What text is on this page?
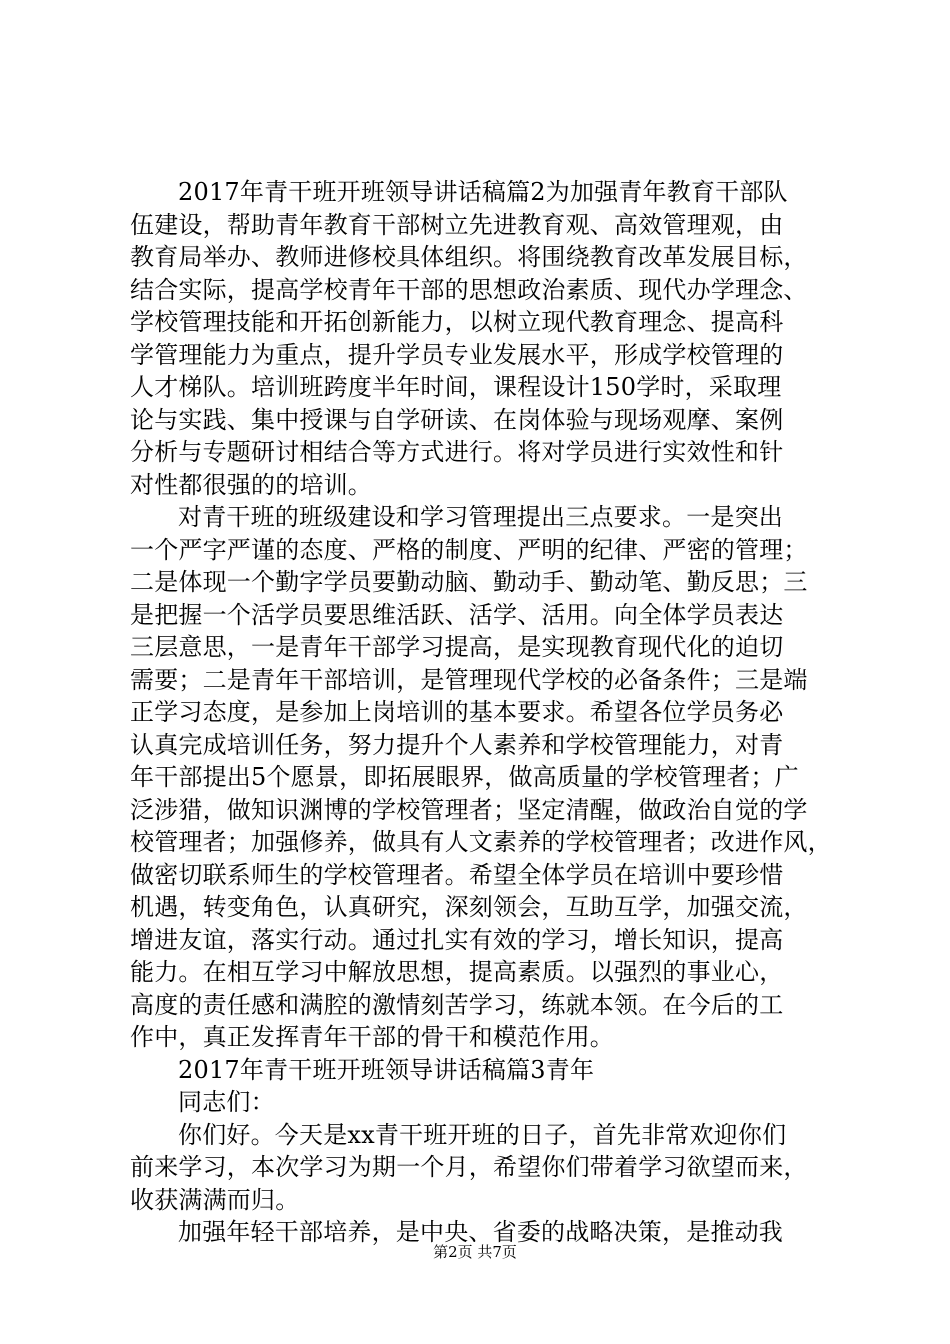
2017年青干班开班领导讲话稿篇2为加强青年教育干部队
伍建设，帮助青年教育干部树立先进教育观、高效管理观，由
教育局举办、教师进修校具体组织。将围绕教育改革发展目标，
结合实际，提高学校青年干部的思想政治素质、现代办学理念、
学校管理技能和开拓创新能力，以树立现代教育理念、提高科
学管理能力为重点，提升学员专业发展水平，形成学校管理的
人才梯队。培训班跨度半年时间，课程设计150学时，采取理
论与实践、集中授课与自学研读、在岗体验与现场观摩、案例
分析与专题研讨相结合等方式进行。将对学员进行实效性和针
对性都很强的的培训。
对青干班的班级建设和学习管理提出三点要求。一是突出
一个严字严谨的态度、严格的制度、严明的纪律、严密的管理；
二是体现一个勤字学员要勤动脑、勤动手、勤动笔、勤反思；三
是把握一个活学员要思维活跃、活学、活用。向全体学员表达
三层意思，一是青年干部学习提高，是实现教育现代化的迫切
需要；二是青年干部培训，是管理现代学校的必备条件；三是端
正学习态度，是参加上岗培训的基本要求。希望各位学员务必
认真完成培训任务，努力提升个人素养和学校管理能力，对青
年干部提出5个愿景，即拓展眼界，做高质量的学校管理者；广
泛涉猎，做知识渊博的学校管理者；坚定清醒，做政治自觉的学
校管理者；加强修养，做具有人文素养的学校管理者；改进作风，
做密切联系师生的学校管理者。希望全体学员在培训中要珍惜
机遇，转变角色，认真研究，深刻领会，互助互学，加强交流，
增进友谊，落实行动。通过扎实有效的学习，增长知识，提高
能力。在相互学习中解放思想，提高素质。以强烈的事业心，
高度的责任感和满腔的激情刻苦学习，练就本领。在今后的工
作中，真正发挥青年干部的骨干和模范作用。
2017年青干班开班领导讲话稿篇3青年
同志们：
你们好。今天是xx青干班开班的日子，首先非常欢迎你们
前来学习，本次学习为期一个月，希望你们带着学习欲望而来，
收获满满而归。
加强年轻干部培养，是中央、省委的战略决策，是推动我
第2页 共7页
